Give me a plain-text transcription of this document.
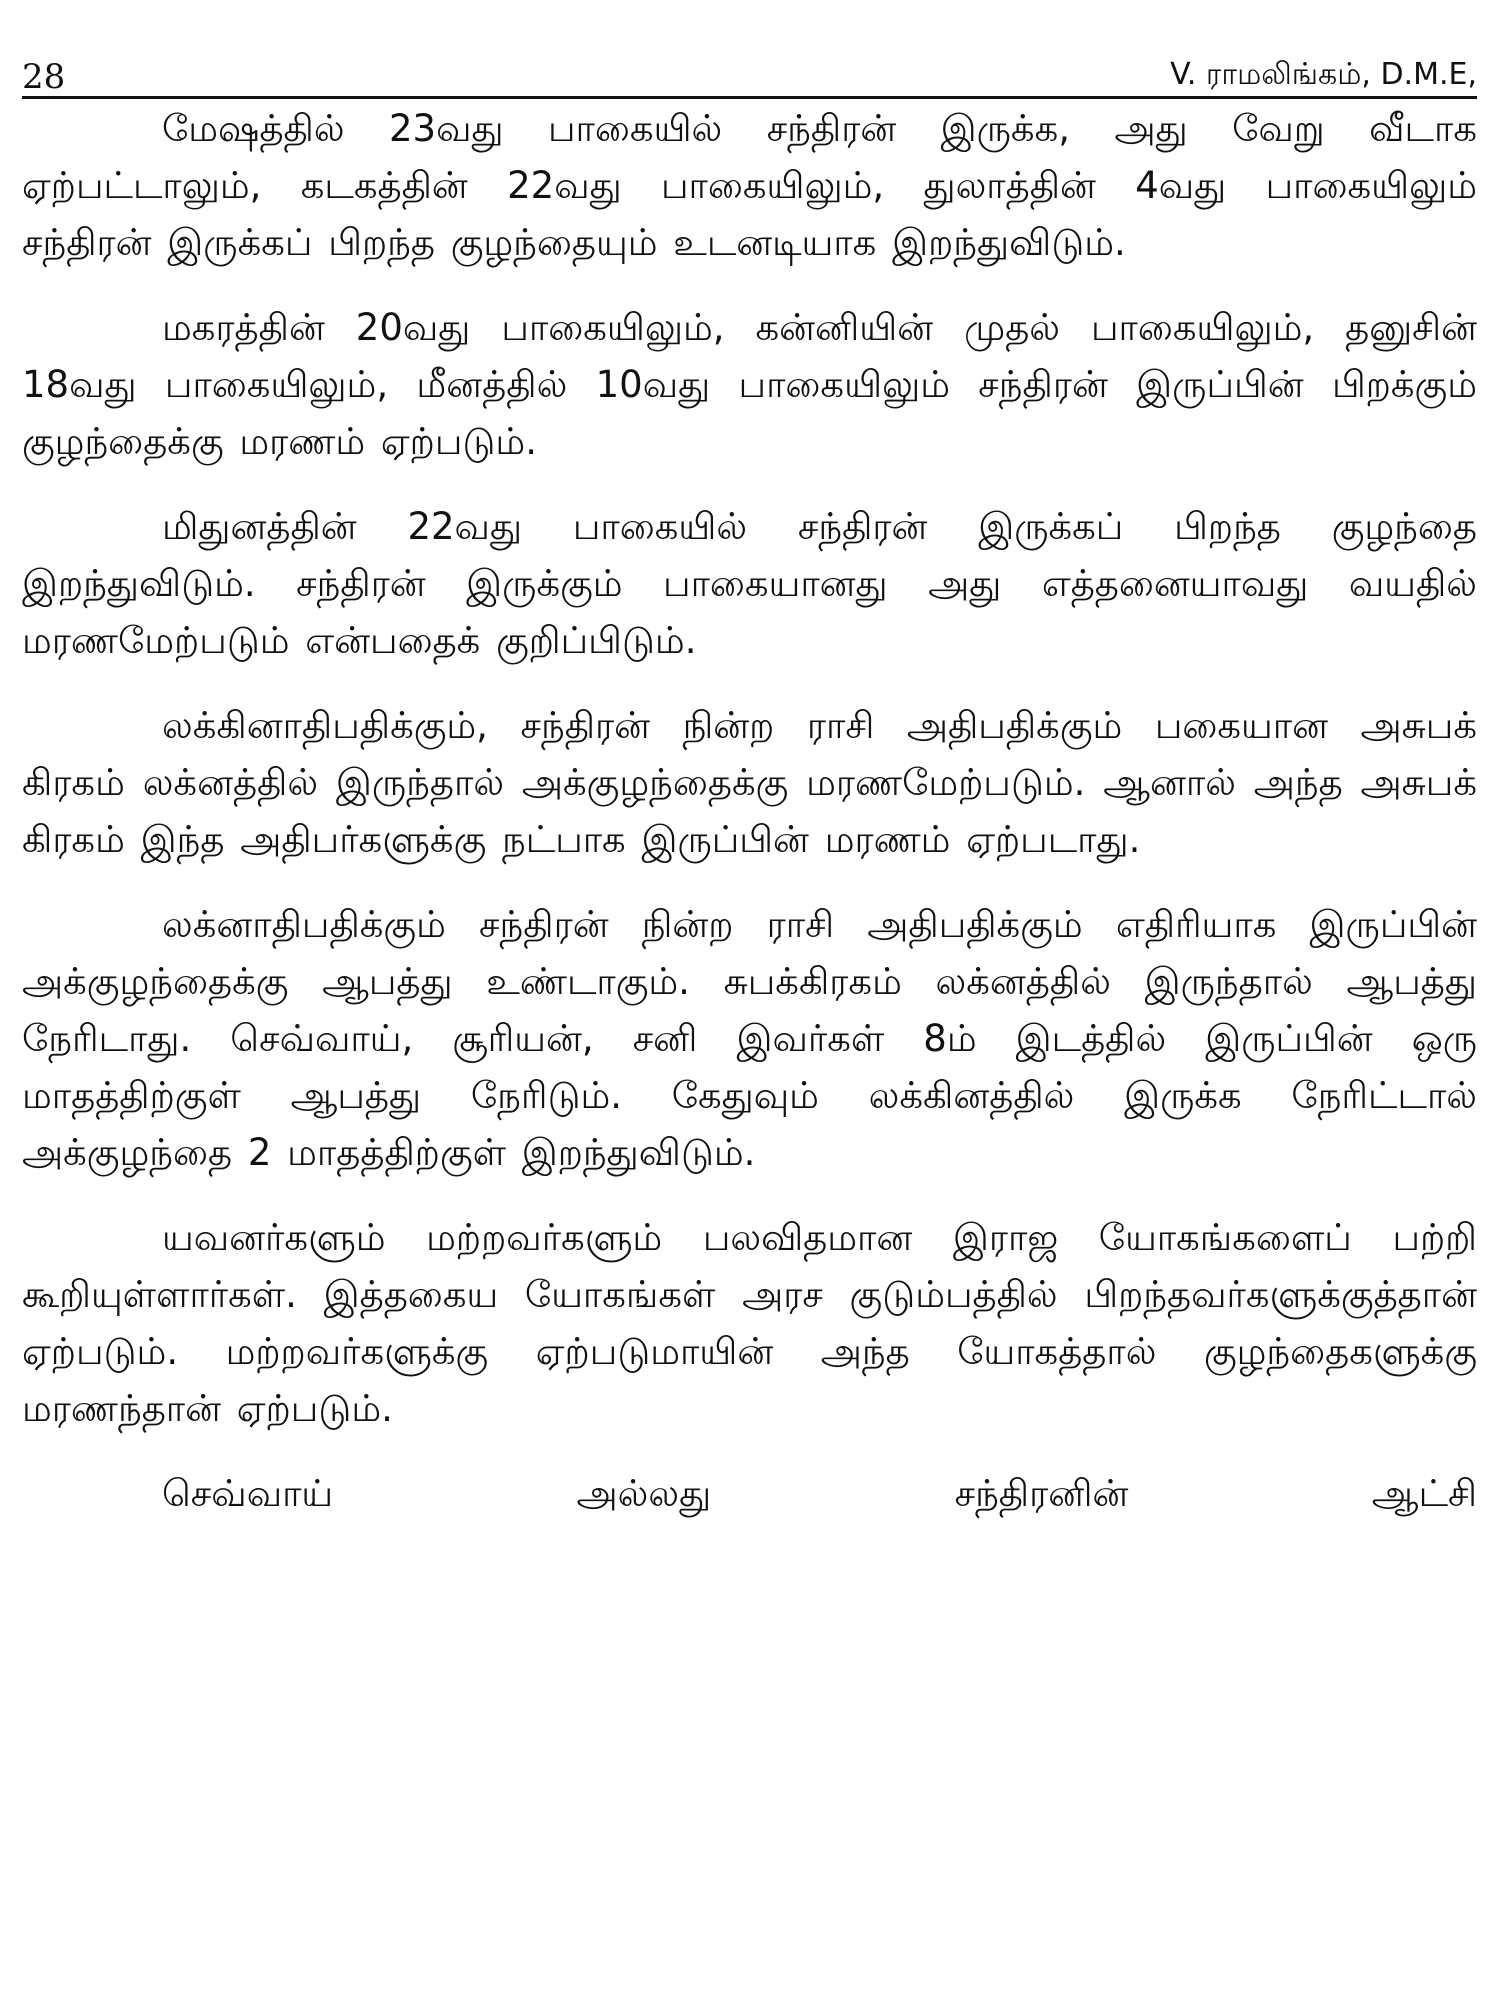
28	V. ராமலிங்கம், D.M.E,

மேஷத்தில் 23வது பாகையில் சந்திரன் இருக்க, அது வேறு வீடாக ஏற்பட்டாலும், கடகத்தின் 22வது பாகையிலும், துலாத்தின் 4வது பாகையிலும் சந்திரன் இருக்கப் பிறந்த குழந்தையும் உடனடியாக இறந்துவிடும்.

மகரத்தின் 20வது பாகையிலும், கன்னியின் முதல் பாகையிலும், தனுசின் 18வது பாகையிலும், மீனத்தில் 10வது பாகையிலும் சந்திரன் இருப்பின் பிறக்கும் குழந்தைக்கு மரணம் ஏற்படும்.

மிதுனத்தின் 22வது பாகையில் சந்திரன் இருக்கப் பிறந்த குழந்தை இறந்துவிடும். சந்திரன் இருக்கும் பாகையானது அது எத்தனையாவது வயதில் மரணமேற்படும் என்பதைக் குறிப்பிடும்.

லக்கினாதிபதிக்கும், சந்திரன் நின்ற ராசி அதிபதிக்கும் பகையான அசுபக் கிரகம் லக்னத்தில் இருந்தால் அக்குழந்தைக்கு மரணமேற்படும். ஆனால் அந்த அசுபக் கிரகம் இந்த அதிபர்களுக்கு நட்பாக இருப்பின் மரணம் ஏற்படாது.

லக்னாதிபதிக்கும் சந்திரன் நின்ற ராசி அதிபதிக்கும் எதிரியாக இருப்பின் அக்குழந்தைக்கு ஆபத்து உண்டாகும். சுபக்கிரகம் லக்னத்தில் இருந்தால் ஆபத்து நேரிடாது. செவ்வாய், சூரியன், சனி இவர்கள் 8ம் இடத்தில் இருப்பின் ஒரு மாதத்திற்குள் ஆபத்து நேரிடும். கேதுவும் லக்கினத்தில் இருக்க நேரிட்டால் அக்குழந்தை 2 மாதத்திற்குள் இறந்துவிடும்.

யவனர்களும் மற்றவர்களும் பலவிதமான இராஜ யோகங்களைப் பற்றி கூறியுள்ளார்கள். இத்தகைய யோகங்கள் அரச குடும்பத்தில் பிறந்தவர்களுக்குத்தான் ஏற்படும். மற்றவர்களுக்கு ஏற்படுமாயின் அந்த யோகத்தால் குழந்தைகளுக்கு மரணந்தான் ஏற்படும்.

செவ்வாய் அல்லது சந்திரனின் ஆட்சி
